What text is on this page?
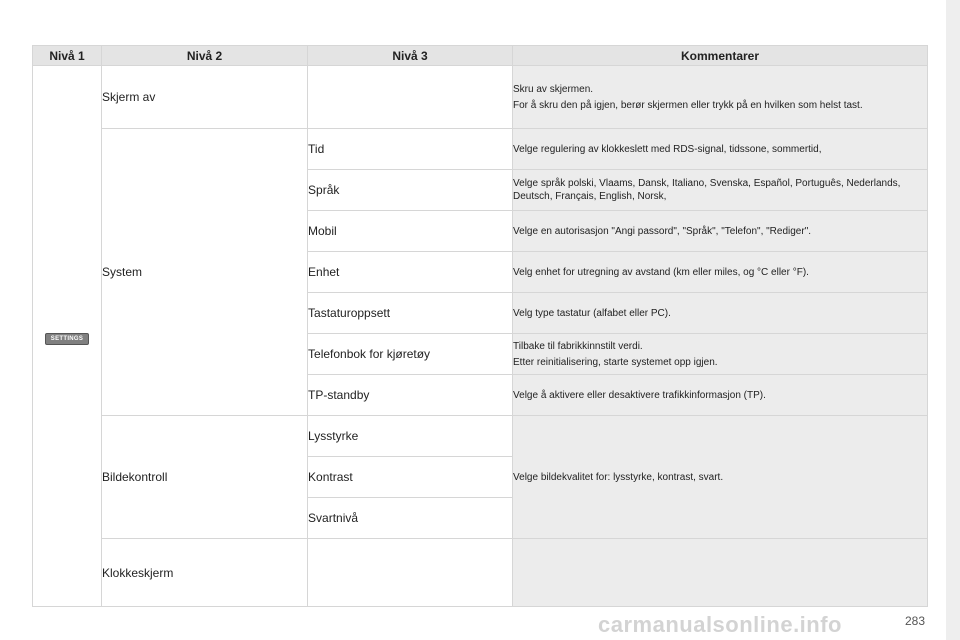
Nivå 1	Nivå 2	Nivå 3	Kommentarer
SETTINGS	Skjerm av		Skru av skjermen.
For å skru den på igjen, berør skjermen eller trykk på en hvilken som helst tast.

	System	Tid	Velge regulering av klokkeslett med RDS-signal, tidssone, sommertid,

		Språk	Velge språk polski, Vlaams, Dansk, Italiano, Svenska, Español, Português, Nederlands, Deutsch, Français, English, Norsk,

		Mobil	Velge en autorisasjon "Angi passord", "Språk", "Telefon", "Rediger".

		Enhet	Velg enhet for utregning av avstand (km eller miles, og °C eller °F).

		Tastaturoppsett	Velg type tastatur (alfabet eller PC).

		Telefonbok for kjøretøy	Tilbake til fabrikkinnstilt verdi.
Etter reinitialisering, starte systemet opp igjen.

		TP-standby	Velge å aktivere eller desaktivere trafikkinformasjon (TP).

	Bildekontroll	Lysstyrke	Velge bildekvalitet for: lysstyrke, kontrast, svart.

		Kontrast	
		Svartnivå	
	Klokkeskjerm		
carmanualsonline.info	283
